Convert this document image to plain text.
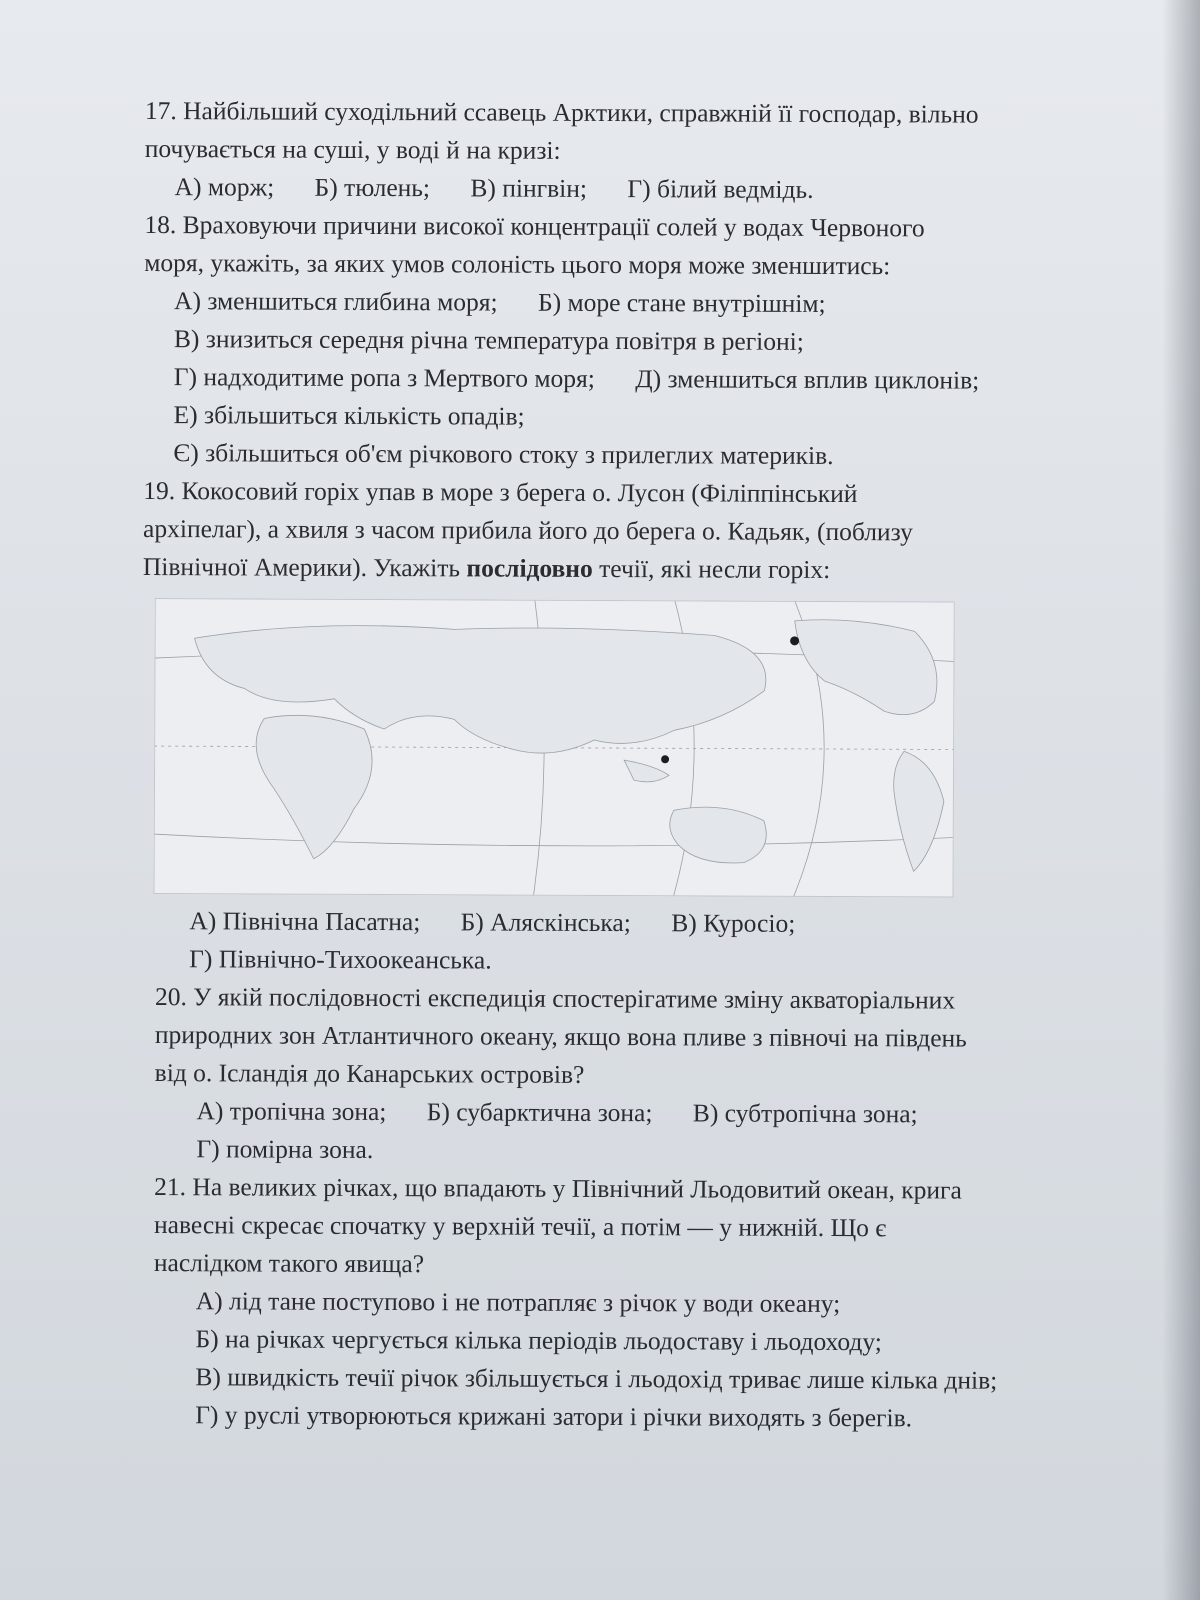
17. Найбільший суходільний ссавець Арктики, справжній її господар, вільно

почувається на суші, у воді й на кризі:

А) морж; Б) тюлень; В) пінгвін; Г) білий ведмідь.

18. Враховуючи причини високої концентрації солей у водах Червоного

моря, укажіть, за яких умов солоність цього моря може зменшитись:

А) зменшиться глибина моря; Б) море стане внутрішнім;
В) знизиться середня річна температура повітря в регіоні;
Г) надходитиме ропа з Мертвого моря; Д) зменшиться вплив циклонів;
Е) збільшиться кількість опадів;
Є) збільшиться об'єм річкового стоку з прилеглих материків.

19. Кокосовий горіх упав в море з берега о. Лусон (Філіппінський

архіпелаг), а хвиля з часом прибила його до берега о. Кадьяк, (поблизу

Північної Америки). Укажіть послідовно течії, які несли горіх:

А) Північна Пасатна; Б) Аляскінська; В) Куросіо;
Г) Північно-Тихоокеанська.

20. У якій послідовності експедиція спостерігатиме зміну акваторіальних

природних зон Атлантичного океану, якщо вона пливе з півночі на південь

від о. Ісландія до Канарських островів?

А) тропічна зона; Б) субарктична зона; В) субтропічна зона;
Г) помірна зона.

21. На великих річках, що впадають у Північний Льодовитий океан, крига

навесні скресає спочатку у верхній течії, а потім — у нижній. Що є

наслідком такого явища?

А) лід тане поступово і не потрапляє з річок у води океану;
Б) на річках чергується кілька періодів льодоставу і льодоходу;
В) швидкість течії річок збільшується і льодохід триває лише кілька днів;
Г) у руслі утворюються крижані затори і річки виходять з берегів.
